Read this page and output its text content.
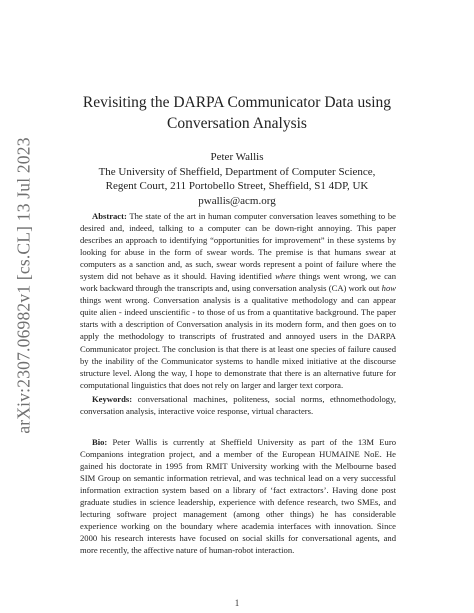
arXiv:2307.06982v1 [cs.CL] 13 Jul 2023
Revisiting the DARPA Communicator Data using
Conversation Analysis
Peter Wallis
The University of Sheffield, Department of Computer Science,
Regent Court, 211 Portobello Street, Sheffield, S1 4DP, UK
pwallis@acm.org

Abstract: The state of the art in human computer conversation leaves something to be desired and, indeed, talking to a computer can be down-right annoying. This paper describes an approach to identifying “opportunities for improvement” in these systems by looking for abuse in the form of swear words. The premise is that humans swear at computers as a sanction and, as such, swear words represent a point of failure where the system did not behave as it should. Having identified where things went wrong, we can work backward through the transcripts and, using conversation analysis (CA) work out how things went wrong. Conversation analysis is a qualitative methodology and can appear quite alien - indeed unscientific - to those of us from a quantitative background. The paper starts with a description of Conversation analysis in its modern form, and then goes on to apply the methodology to transcripts of frustrated and annoyed users in the DARPA Communicator project. The conclusion is that there is at least one species of failure caused by the inability of the Communicator systems to handle mixed initiative at the discourse structure level. Along the way, I hope to demonstrate that there is an alternative future for computational linguistics that does not rely on larger and larger text corpora.

Keywords: conversational machines, politeness, social norms, ethnomethodology, conversation analysis, interactive voice response, virtual characters.

Bio: Peter Wallis is currently at Sheffield University as part of the 13M Euro Companions integration project, and a member of the European HUMAINE NoE. He gained his doctorate in 1995 from RMIT University working with the Melbourne based SIM Group on semantic information retrieval, and was technical lead on a very successful information extraction system based on a library of ‘fact extractors’. Having done post graduate studies in science leadership, experience with defence research, two SMEs, and lecturing software project management (among other things) he has considerable experience working on the boundary where academia interfaces with innovation. Since 2000 his research interests have focused on social skills for conversational agents, and more recently, the affective nature of human-robot interaction.

1
